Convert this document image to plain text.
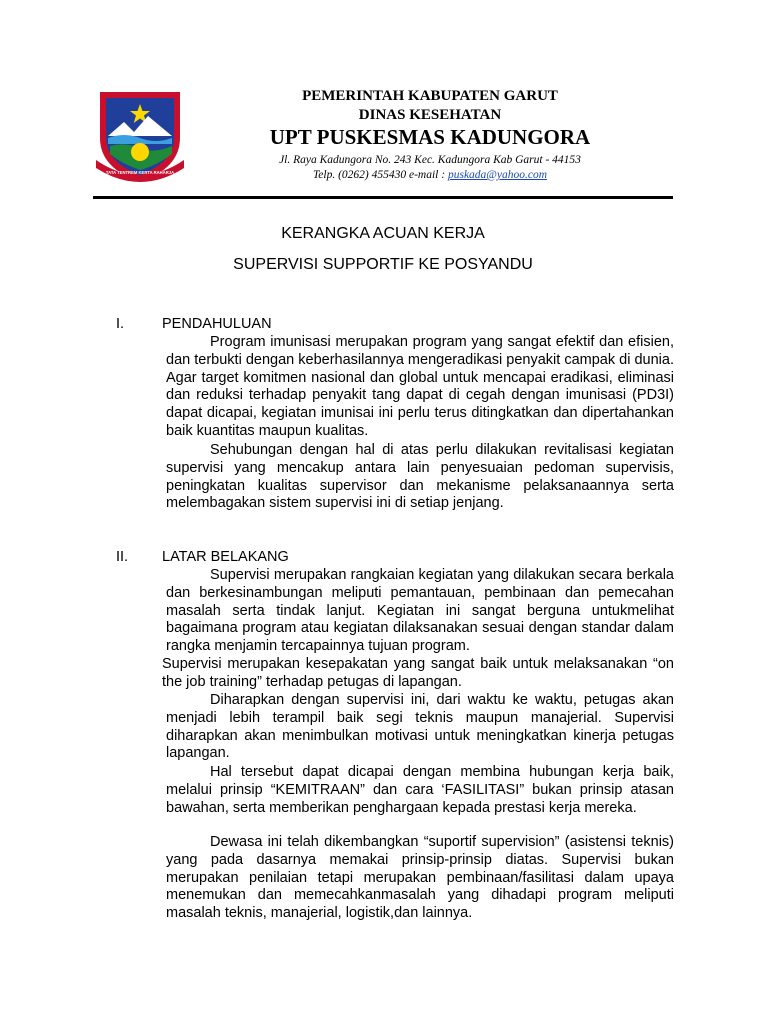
TATA TENTREM KERTA RAHARJA
PEMERINTAH KABUPATEN GARUT
DINAS KESEHATAN
UPT PUSKESMAS KADUNGORA
Jl. Raya Kadungora No. 243 Kec. Kadungora Kab Garut - 44153
Telp. (0262) 455430 e-mail : puskada@yahoo.com
KERANGKA ACUAN KERJA
SUPERVISI SUPPORTIF KE POSYANDU
I.	PENDAHULUAN

Program imunisasi merupakan program yang sangat efektif dan efisien, dan terbukti dengan keberhasilannya mengeradikasi penyakit campak di dunia. Agar target komitmen nasional dan global untuk mencapai eradikasi, eliminasi dan reduksi terhadap penyakit tang dapat di cegah dengan imunisasi (PD3I) dapat dicapai, kegiatan imunisai ini perlu terus ditingkatkan dan dipertahankan baik kuantitas maupun kualitas.

Sehubungan dengan hal di atas perlu dilakukan revitalisasi kegiatan supervisi yang mencakup antara lain penyesuaian pedoman supervisis, peningkatan kualitas supervisor dan mekanisme pelaksanaannya serta melembagakan sistem supervisi ini di setiap jenjang.

II. LATAR BELAKANG

Supervisi merupakan rangkaian kegiatan yang dilakukan secara berkala dan berkesinambungan meliputi pemantauan, pembinaan dan pemecahan masalah serta tindak lanjut. Kegiatan ini sangat berguna untukmelihat bagaimana program atau kegiatan dilaksanakan sesuai dengan standar dalam rangka menjamin tercapainnya tujuan program.

Supervisi merupakan kesepakatan yang sangat baik untuk melaksanakan “on the job training” terhadap petugas di lapangan.

Diharapkan dengan supervisi ini, dari waktu ke waktu, petugas akan menjadi lebih terampil baik segi teknis maupun manajerial. Supervisi diharapkan akan menimbulkan motivasi untuk meningkatkan kinerja petugas lapangan.

Hal tersebut dapat dicapai dengan membina hubungan kerja baik, melalui prinsip “KEMITRAAN” dan cara ‘FASILITASI” bukan prinsip atasan bawahan, serta memberikan penghargaan kepada prestasi kerja mereka.

Dewasa ini telah dikembangkan “suportif supervision” (asistensi teknis) yang pada dasarnya memakai prinsip-prinsip diatas. Supervisi bukan merupakan penilaian tetapi merupakan pembinaan/fasilitasi dalam upaya menemukan dan memecahkanmasalah yang dihadapi program meliputi masalah teknis, manajerial, logistik,dan lainnya.
